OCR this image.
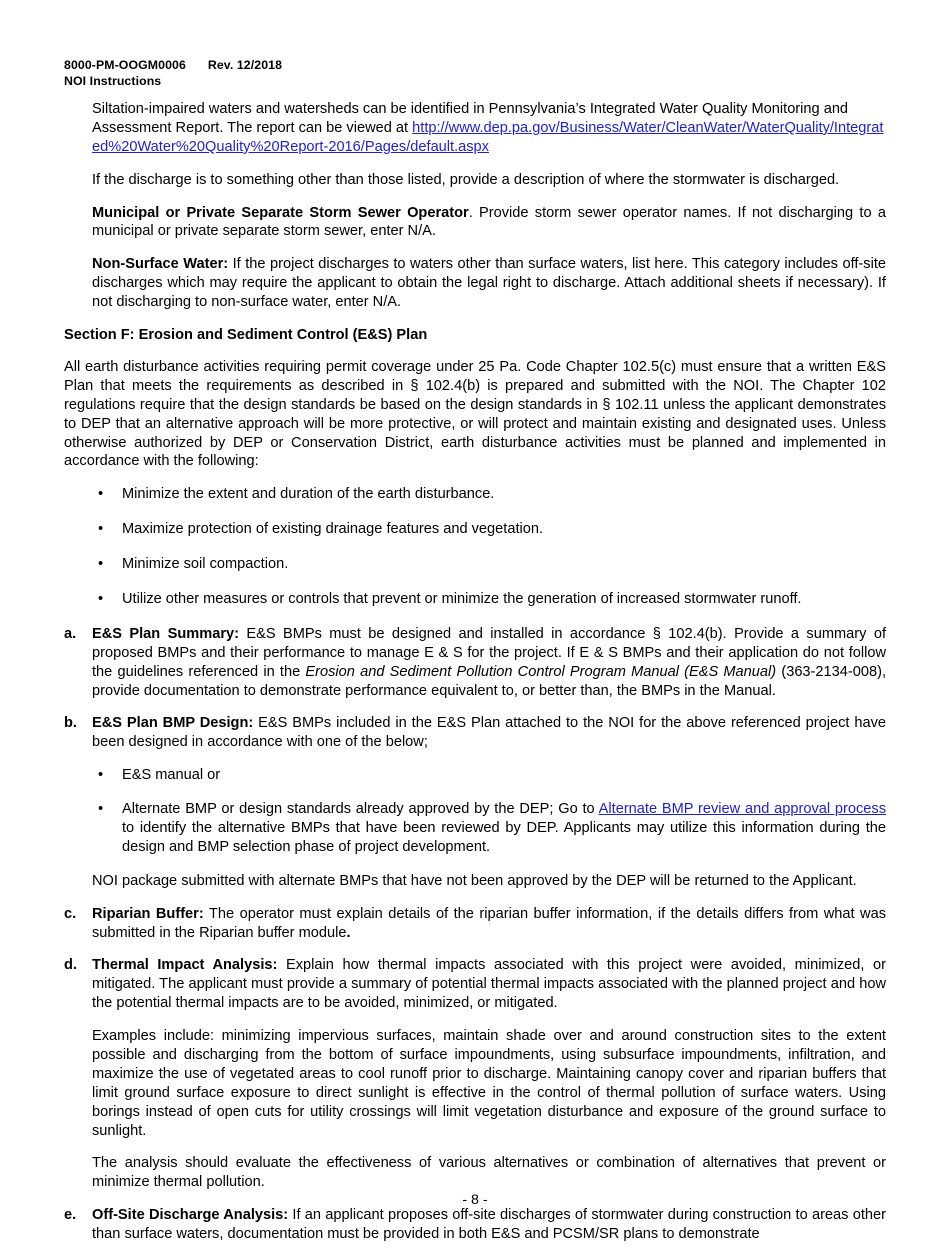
8000-PM-OOGM0006 Rev. 12/2018
NOI Instructions

Siltation-impaired waters and watersheds can be identified in Pennsylvania’s Integrated Water Quality Monitoring and Assessment Report. The report can be viewed at http://www.dep.pa.gov/Business/Water/CleanWater/WaterQuality/Integrated%20Water%20Quality%20Report-2016/Pages/default.aspx

If the discharge is to something other than those listed, provide a description of where the stormwater is discharged.

Municipal or Private Separate Storm Sewer Operator. Provide storm sewer operator names. If not discharging to a municipal or private separate storm sewer, enter N/A.

Non-Surface Water: If the project discharges to waters other than surface waters, list here. This category includes off-site discharges which may require the applicant to obtain the legal right to discharge. Attach additional sheets if necessary). If not discharging to non-surface water, enter N/A.

Section F: Erosion and Sediment Control (E&S) Plan

All earth disturbance activities requiring permit coverage under 25 Pa. Code Chapter 102.5(c) must ensure that a written E&S Plan that meets the requirements as described in § 102.4(b) is prepared and submitted with the NOI. The Chapter 102 regulations require that the design standards be based on the design standards in § 102.11 unless the applicant demonstrates to DEP that an alternative approach will be more protective, or will protect and maintain existing and designated uses. Unless otherwise authorized by DEP or Conservation District, earth disturbance activities must be planned and implemented in accordance with the following:

• Minimize the extent and duration of the earth disturbance.
• Maximize protection of existing drainage features and vegetation.
• Minimize soil compaction.
• Utilize other measures or controls that prevent or minimize the generation of increased stormwater runoff.
a. E&S Plan Summary: E&S BMPs must be designed and installed in accordance § 102.4(b). Provide a summary of proposed BMPs and their performance to manage E & S for the project. If E & S BMPs and their application do not follow the guidelines referenced in the Erosion and Sediment Pollution Control Program Manual (E&S Manual) (363-2134-008), provide documentation to demonstrate performance equivalent to, or better than, the BMPs in the Manual.
b. E&S Plan BMP Design: E&S BMPs included in the E&S Plan attached to the NOI for the above referenced project have been designed in accordance with one of the below;
• E&S manual or
• Alternate BMP or design standards already approved by the DEP; Go to Alternate BMP review and approval process to identify the alternative BMPs that have been reviewed by DEP. Applicants may utilize this information during the design and BMP selection phase of project development.

NOI package submitted with alternate BMPs that have not been approved by the DEP will be returned to the Applicant.

c. Riparian Buffer: The operator must explain details of the riparian buffer information, if the details differs from what was submitted in the Riparian buffer module.
d. Thermal Impact Analysis: Explain how thermal impacts associated with this project were avoided, minimized, or mitigated. The applicant must provide a summary of potential thermal impacts associated with the planned project and how the potential thermal impacts are to be avoided, minimized, or mitigated.

Examples include: minimizing impervious surfaces, maintain shade over and around construction sites to the extent possible and discharging from the bottom of surface impoundments, using subsurface impoundments, infiltration, and maximize the use of vegetated areas to cool runoff prior to discharge. Maintaining canopy cover and riparian buffers that limit ground surface exposure to direct sunlight is effective in the control of thermal pollution of surface waters. Using borings instead of open cuts for utility crossings will limit vegetation disturbance and exposure of the ground surface to sunlight.

The analysis should evaluate the effectiveness of various alternatives or combination of alternatives that prevent or minimize thermal pollution.

e. Off-Site Discharge Analysis: If an applicant proposes off-site discharges of stormwater during construction to areas other than surface waters, documentation must be provided in both E&S and PCSM/SR plans to demonstrate
- 8 -
